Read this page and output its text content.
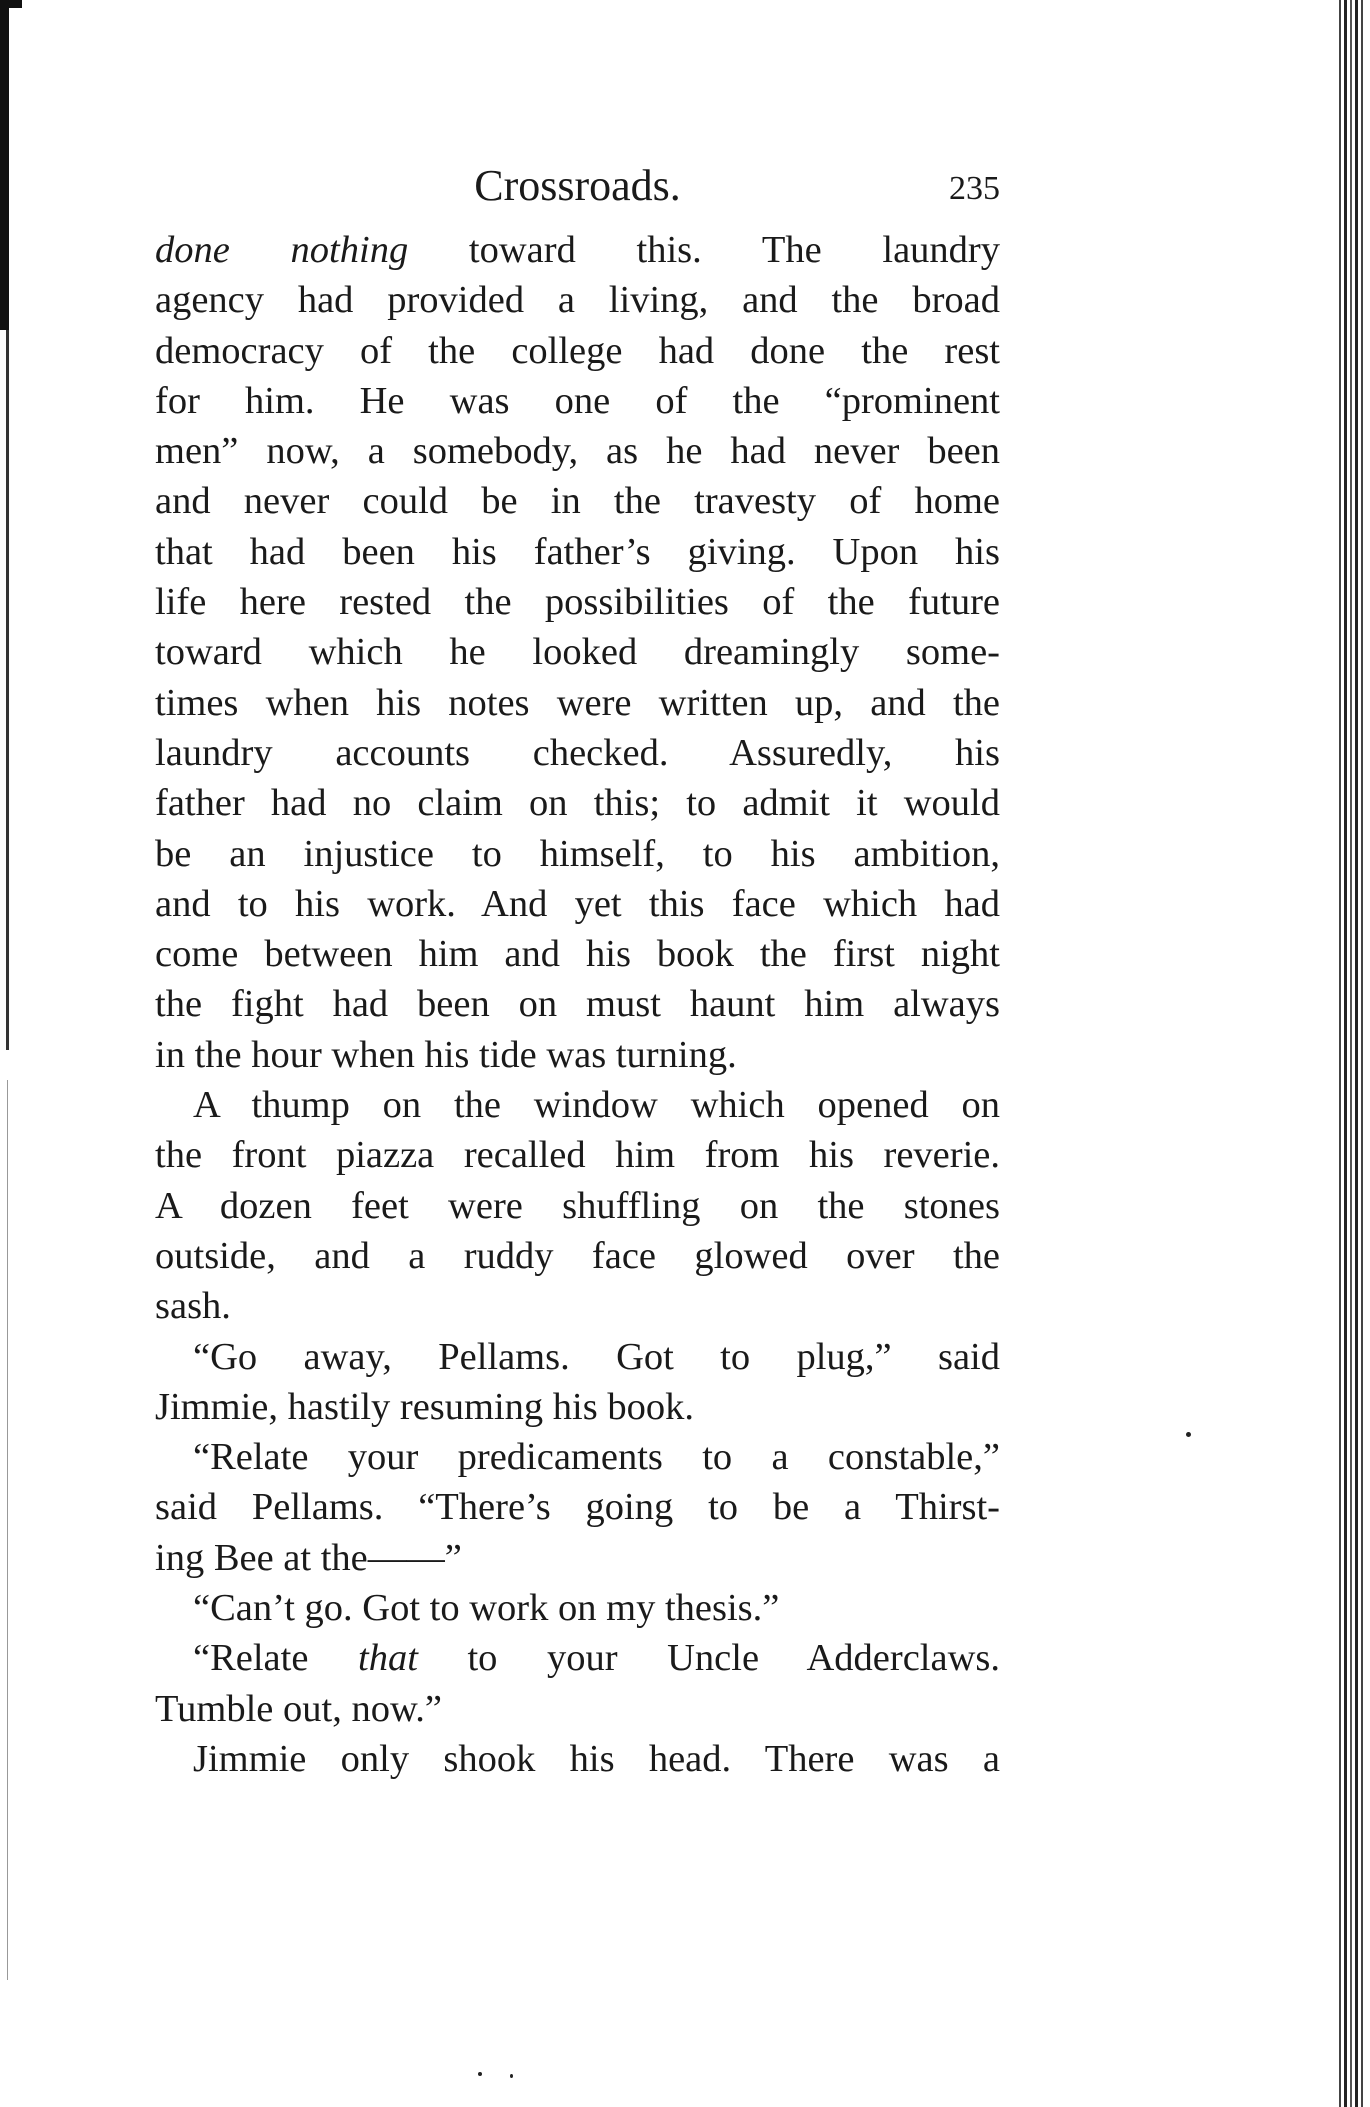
Crossroads.	235
done nothing toward this. The laundry
agency had provided a living, and the broad
democracy of the college had done the rest
for him. He was one of the “prominent
men” now, a somebody, as he had never been
and never could be in the travesty of home
that had been his father’s giving. Upon his
life here rested the possibilities of the future
toward which he looked dreamingly some-
times when his notes were written up, and the
laundry accounts checked. Assuredly, his
father had no claim on this; to admit it would
be an injustice to himself, to his ambition,
and to his work. And yet this face which had
come between him and his book the first night
the fight had been on must haunt him always
in the hour when his tide was turning.
A thump on the window which opened on
the front piazza recalled him from his reverie.
A dozen feet were shuffling on the stones
outside, and a ruddy face glowed over the
sash.
“Go away, Pellams. Got to plug,” said
Jimmie, hastily resuming his book.
“Relate your predicaments to a constable,”
said Pellams. “There’s going to be a Thirst-
ing Bee at the——”
“Can’t go. Got to work on my thesis.”
“Relate that to your Uncle Adderclaws.
Tumble out, now.”
Jimmie only shook his head. There was a
